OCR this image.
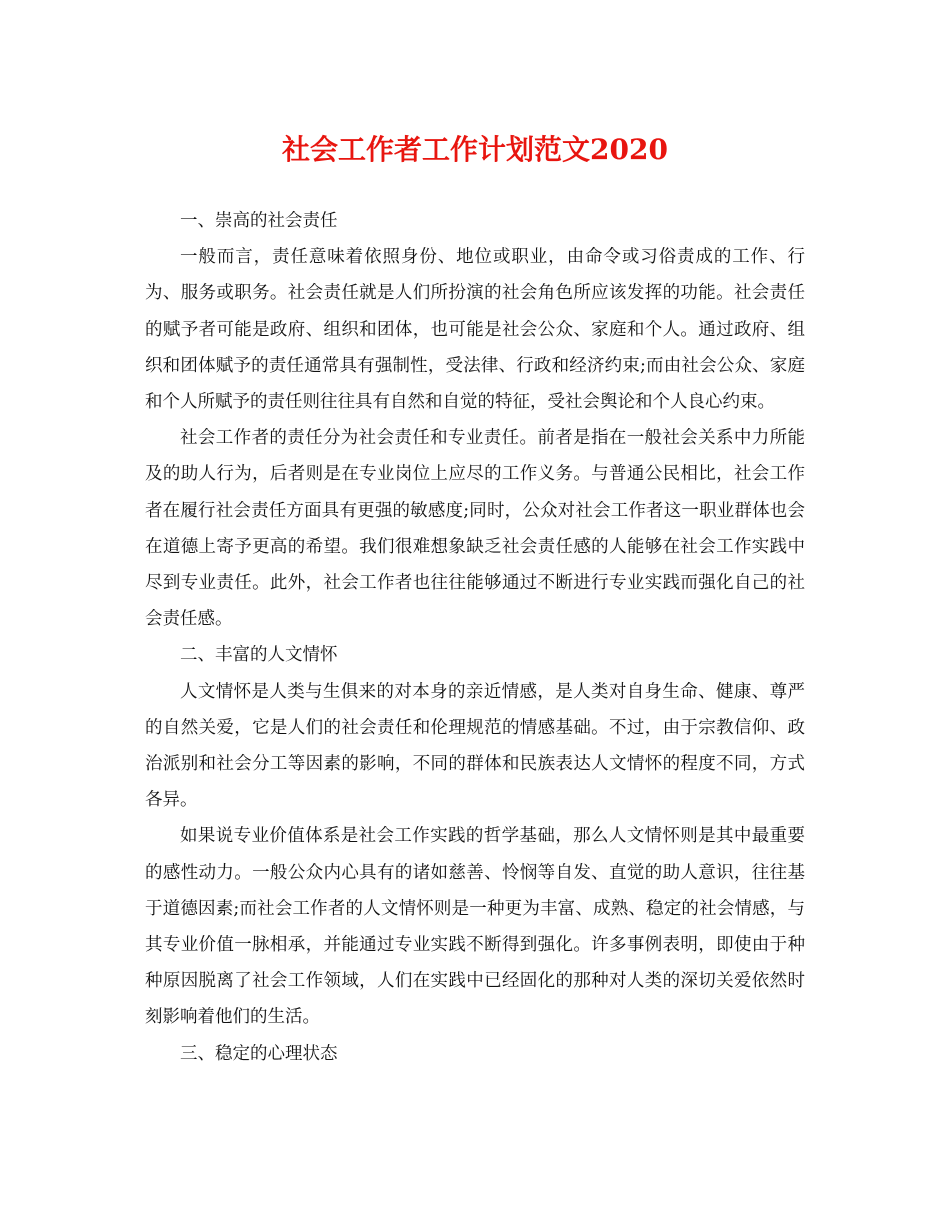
社会工作者工作计划范文2020

一、崇高的社会责任

一般而言，责任意味着依照身份、地位或职业，由命令或习俗责成的工作、行为、服务或职务。社会责任就是人们所扮演的社会角色所应该发挥的功能。社会责任的赋予者可能是政府、组织和团体，也可能是社会公众、家庭和个人。通过政府、组织和团体赋予的责任通常具有强制性，受法律、行政和经济约束;而由社会公众、家庭和个人所赋予的责任则往往具有自然和自觉的特征，受社会舆论和个人良心约束。

社会工作者的责任分为社会责任和专业责任。前者是指在一般社会关系中力所能及的助人行为，后者则是在专业岗位上应尽的工作义务。与普通公民相比，社会工作者在履行社会责任方面具有更强的敏感度;同时，公众对社会工作者这一职业群体也会在道德上寄予更高的希望。我们很难想象缺乏社会责任感的人能够在社会工作实践中尽到专业责任。此外，社会工作者也往往能够通过不断进行专业实践而强化自己的社会责任感。

二、丰富的人文情怀

人文情怀是人类与生俱来的对本身的亲近情感，是人类对自身生命、健康、尊严的自然关爱，它是人们的社会责任和伦理规范的情感基础。不过，由于宗教信仰、政治派别和社会分工等因素的影响，不同的群体和民族表达人文情怀的程度不同，方式各异。

如果说专业价值体系是社会工作实践的哲学基础，那么人文情怀则是其中最重要的感性动力。一般公众内心具有的诸如慈善、怜悯等自发、直觉的助人意识，往往基于道德因素;而社会工作者的人文情怀则是一种更为丰富、成熟、稳定的社会情感，与其专业价值一脉相承，并能通过专业实践不断得到强化。许多事例表明，即使由于种种原因脱离了社会工作领域，人们在实践中已经固化的那种对人类的深切关爱依然时刻影响着他们的生活。

三、稳定的心理状态
